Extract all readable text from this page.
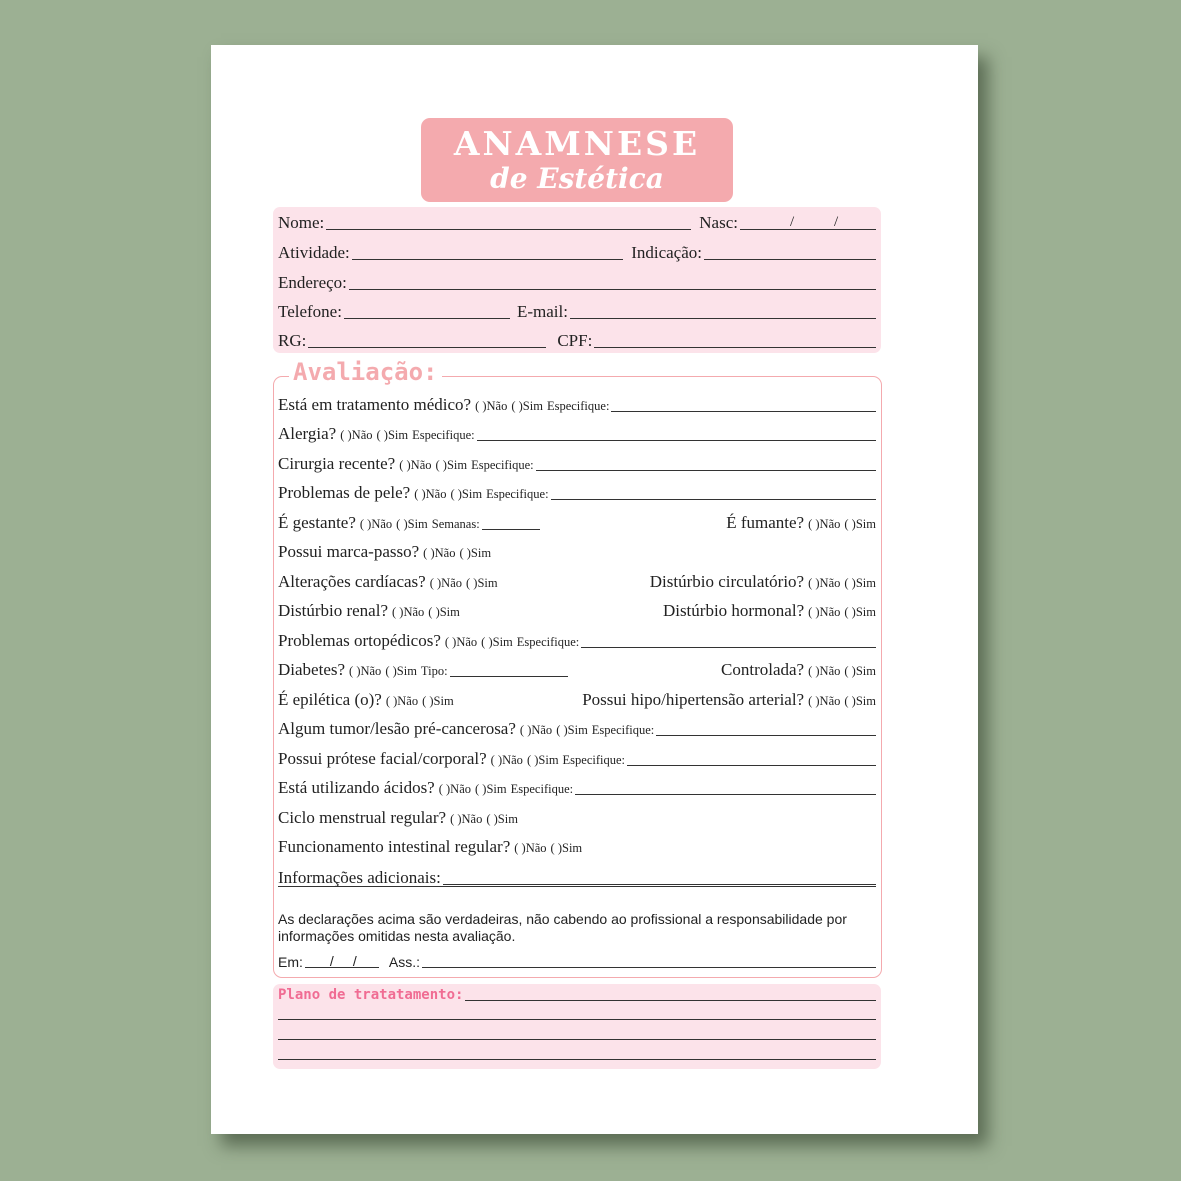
ANAMNESE
de Estética
Nome:	Nasc:	/	/
Atividade:	Indicação:
Endereço:
Telefone:	E-mail:
RG:	CPF:
Avaliação:
Está em tratamento médico? ( )Não ( )Sim Especifique:
Alergia? ( )Não ( )Sim Especifique:
Cirurgia recente? ( )Não ( )Sim Especifique:
Problemas de pele? ( )Não ( )Sim Especifique:
É gestante? ( )Não ( )Sim Semanas:	É fumante? ( )Não ( )Sim
Possui marca-passo? ( )Não ( )Sim
Alterações cardíacas? ( )Não ( )Sim	Distúrbio circulatório? ( )Não ( )Sim
Distúrbio renal? ( )Não ( )Sim	Distúrbio hormonal? ( )Não ( )Sim
Problemas ortopédicos? ( )Não ( )Sim Especifique:
Diabetes? ( )Não ( )Sim Tipo:	Controlada? ( )Não ( )Sim
É epilética (o)? ( )Não ( )Sim	Possui hipo/hipertensão arterial? ( )Não ( )Sim
Algum tumor/lesão pré-cancerosa? ( )Não ( )Sim Especifique:
Possui prótese facial/corporal? ( )Não ( )Sim Especifique:
Está utilizando ácidos? ( )Não ( )Sim Especifique:
Ciclo menstrual regular? ( )Não ( )Sim
Funcionamento intestinal regular? ( )Não ( )Sim
Informações adicionais:
As declarações acima são verdadeiras, não cabendo ao profissional a responsabilidade por informações omitidas nesta avaliação.
Em: / / Ass.:
Plano de tratatamento:
